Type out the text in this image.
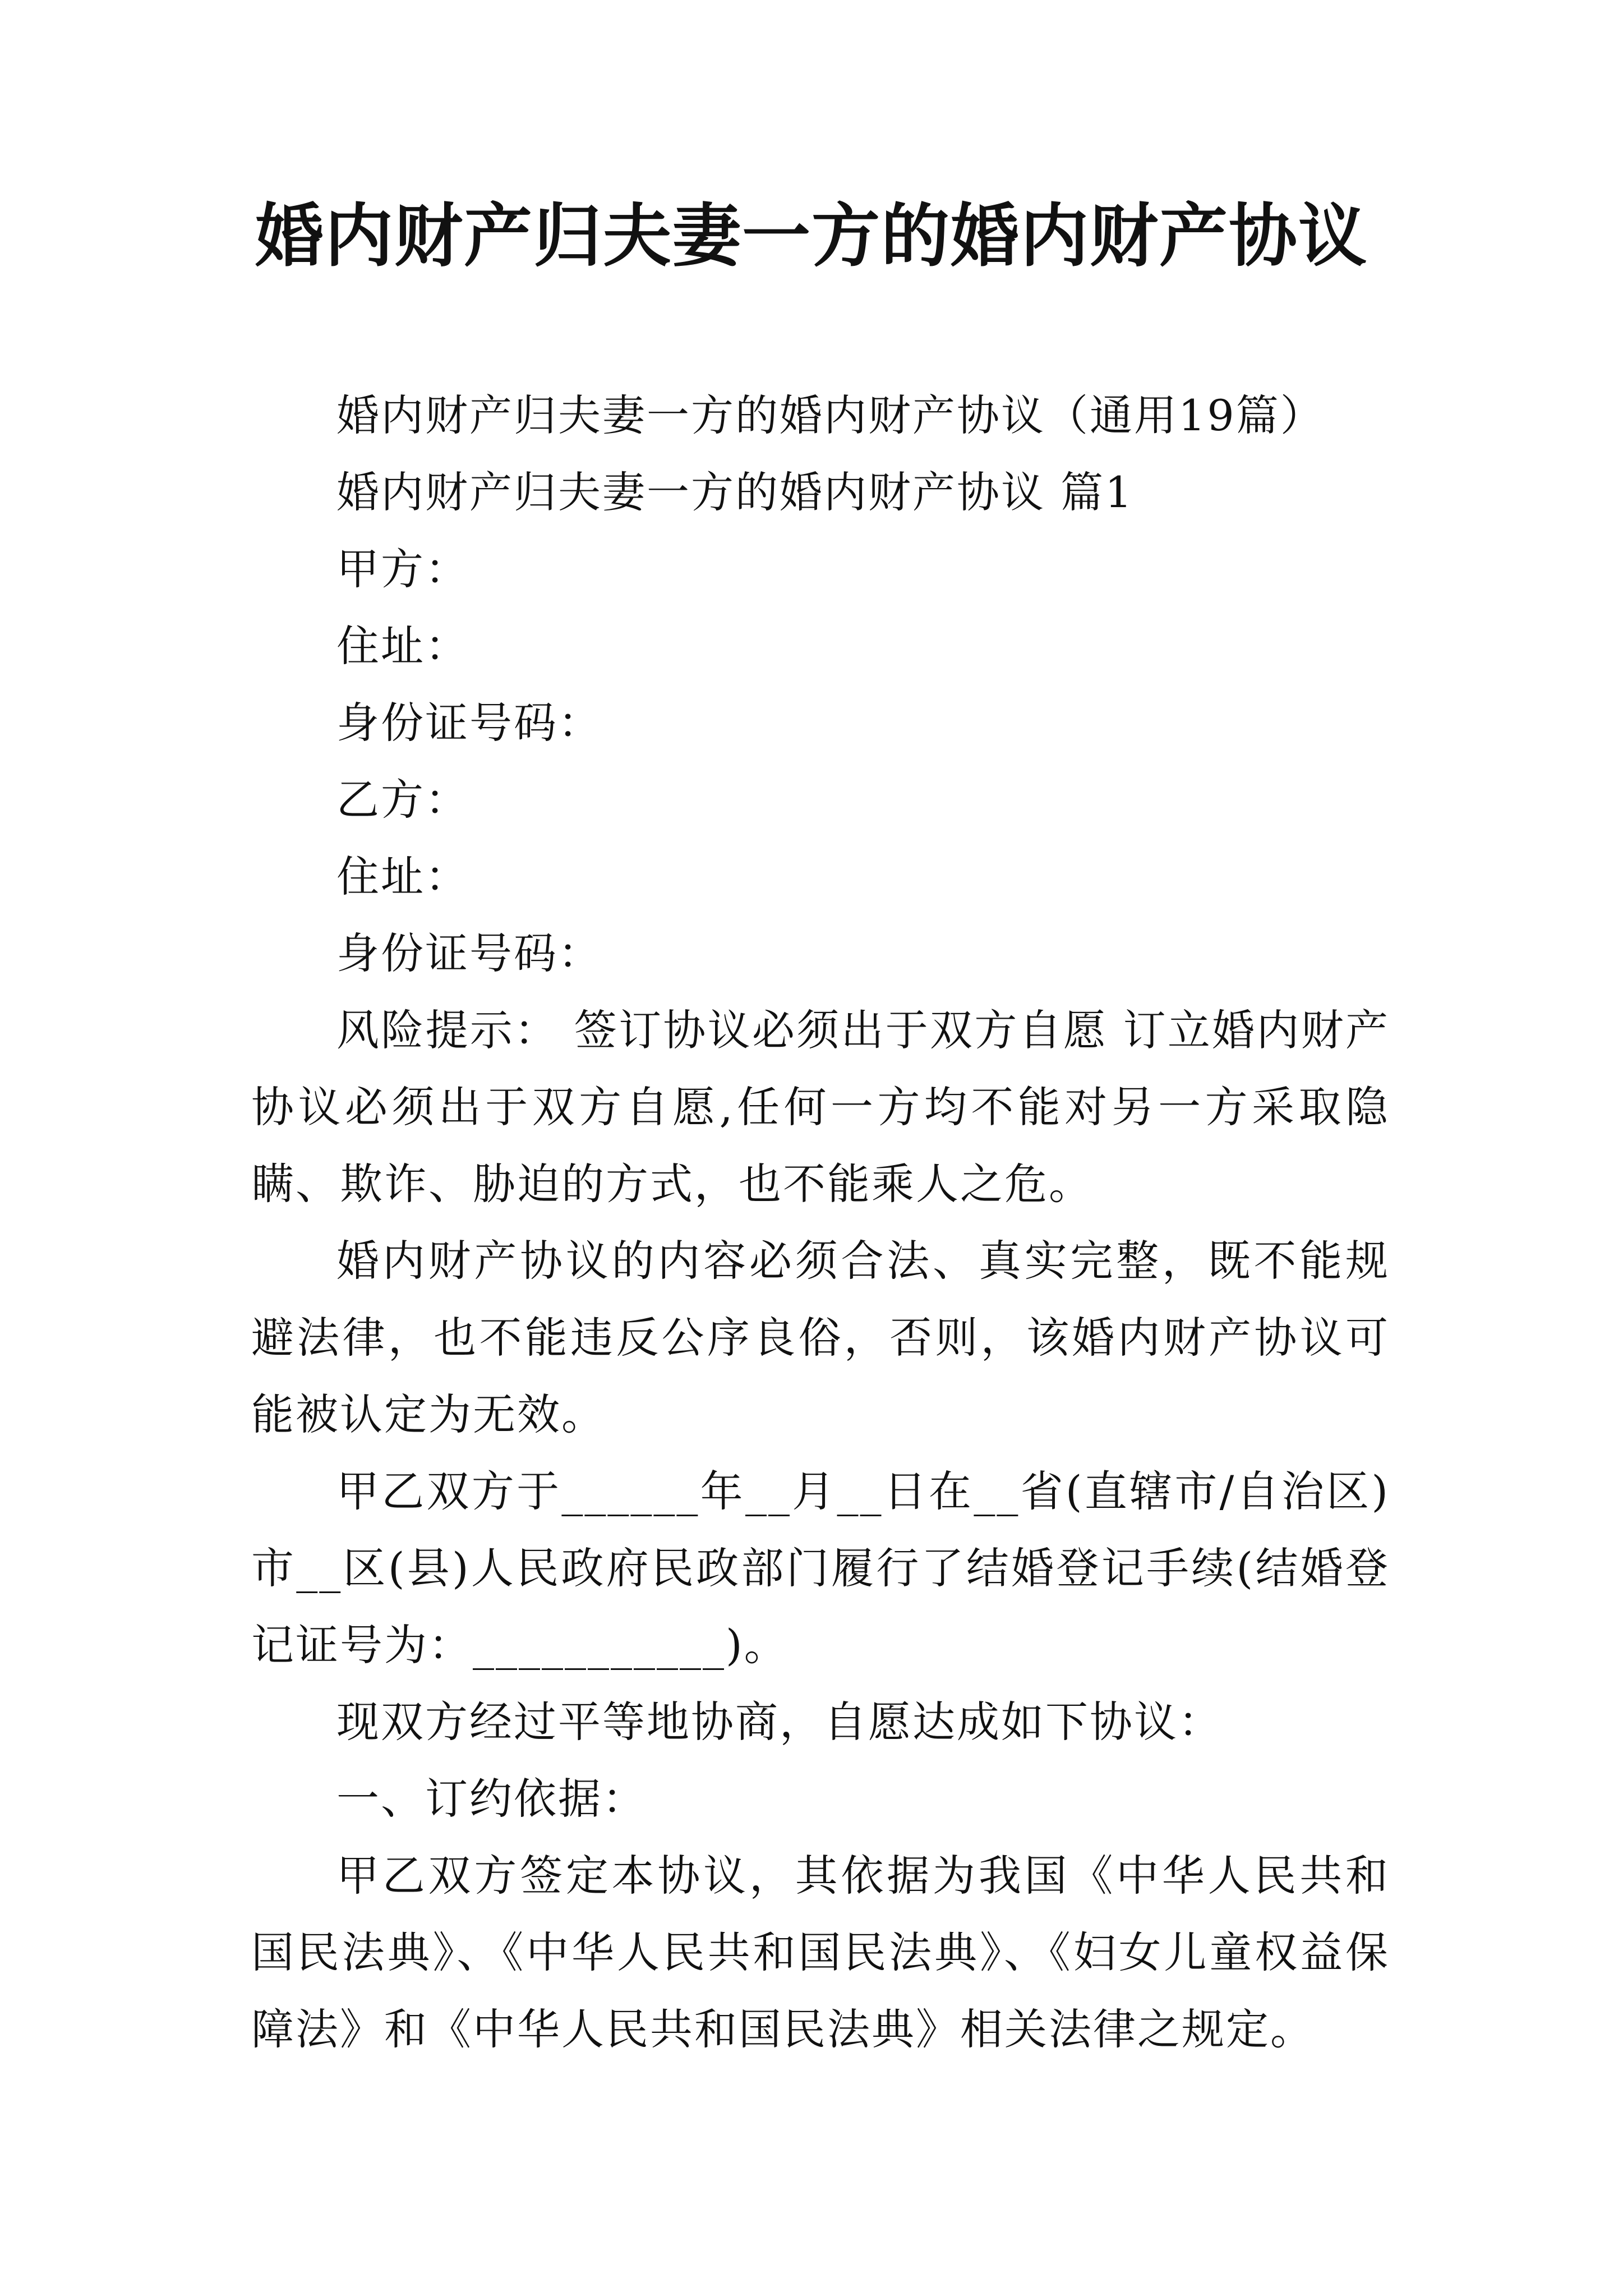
婚内财产归夫妻一方的婚内财产协议

婚内财产归夫妻一方的婚内财产协议（通用19篇）

婚内财产归夫妻一方的婚内财产协议 篇1

甲方：

住址：

身份证号码：

乙方：

住址：

身份证号码：

风险提示： 签订协议必须出于双方自愿 订立婚内财产协议必须出于双方自愿,任何一方均不能对另一方采取隐瞒、欺诈、胁迫的方式，也不能乘人之危。

婚内财产协议的内容必须合法、真实完整，既不能规避法律，也不能违反公序良俗，否则，该婚内财产协议可能被认定为无效。

甲乙双方于______年__月__日在__省(直辖市/自治区)市__区(县)人民政府民政部门履行了结婚登记手续(结婚登记证号为：___________)。

现双方经过平等地协商，自愿达成如下协议：

一、订约依据：

甲乙双方签定本协议，其依据为我国《中华人民共和国民法典》、《中华人民共和国民法典》、《妇女儿童权益保障法》和《中华人民共和国民法典》相关法律之规定。
